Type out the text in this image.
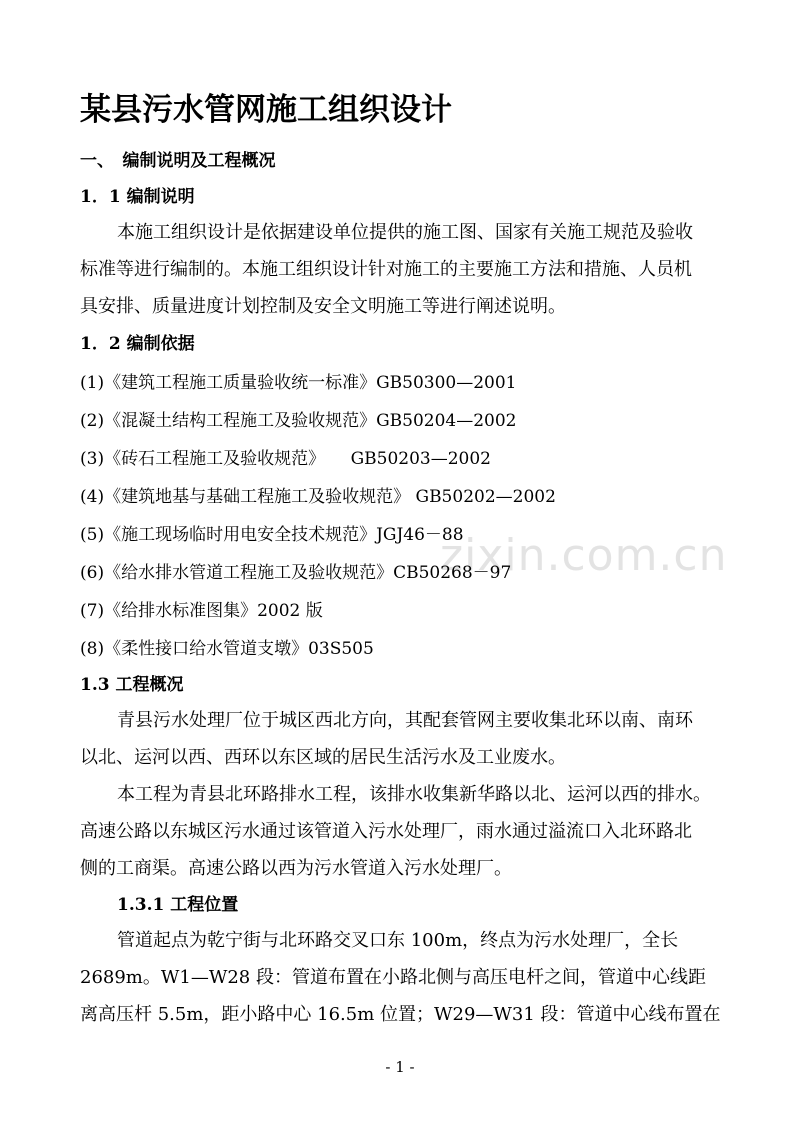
zixin.com.cn
某县污水管网施工组织设计
一、　编制说明及工程概况
1．1 编制说明
本施工组织设计是依据建设单位提供的施工图、国家有关施工规范及验收
标准等进行编制的。本施工组织设计针对施工的主要施工方法和措施、人员机
具安排、质量进度计划控制及安全文明施工等进行阐述说明。
1．2 编制依据
(1)《建筑工程施工质量验收统一标准》GB50300—2001
(2)《混凝土结构工程施工及验收规范》GB50204—2002
(3)《砖石工程施工及验收规范》　　GB50203—2002
(4)《建筑地基与基础工程施工及验收规范》 GB50202—2002
(5)《施工现场临时用电安全技术规范》JGJ46－88
(6)《给水排水管道工程施工及验收规范》CB50268－97
(7)《给排水标准图集》2002 版
(8)《柔性接口给水管道支墩》03S505
1.3 工程概况
青县污水处理厂位于城区西北方向，其配套管网主要收集北环以南、南环
以北、运河以西、西环以东区域的居民生活污水及工业废水。
本工程为青县北环路排水工程，该排水收集新华路以北、运河以西的排水。
高速公路以东城区污水通过该管道入污水处理厂，雨水通过溢流口入北环路北
侧的工商渠。高速公路以西为污水管道入污水处理厂。
1.3.1 工程位置
管道起点为乾宁街与北环路交叉口东 100m，终点为污水处理厂，全长
2689m。W1—W28 段：管道布置在小路北侧与高压电杆之间，管道中心线距
离高压杆 5.5m，距小路中心 16.5m 位置；W29—W31 段：管道中心线布置在
- 1 -
